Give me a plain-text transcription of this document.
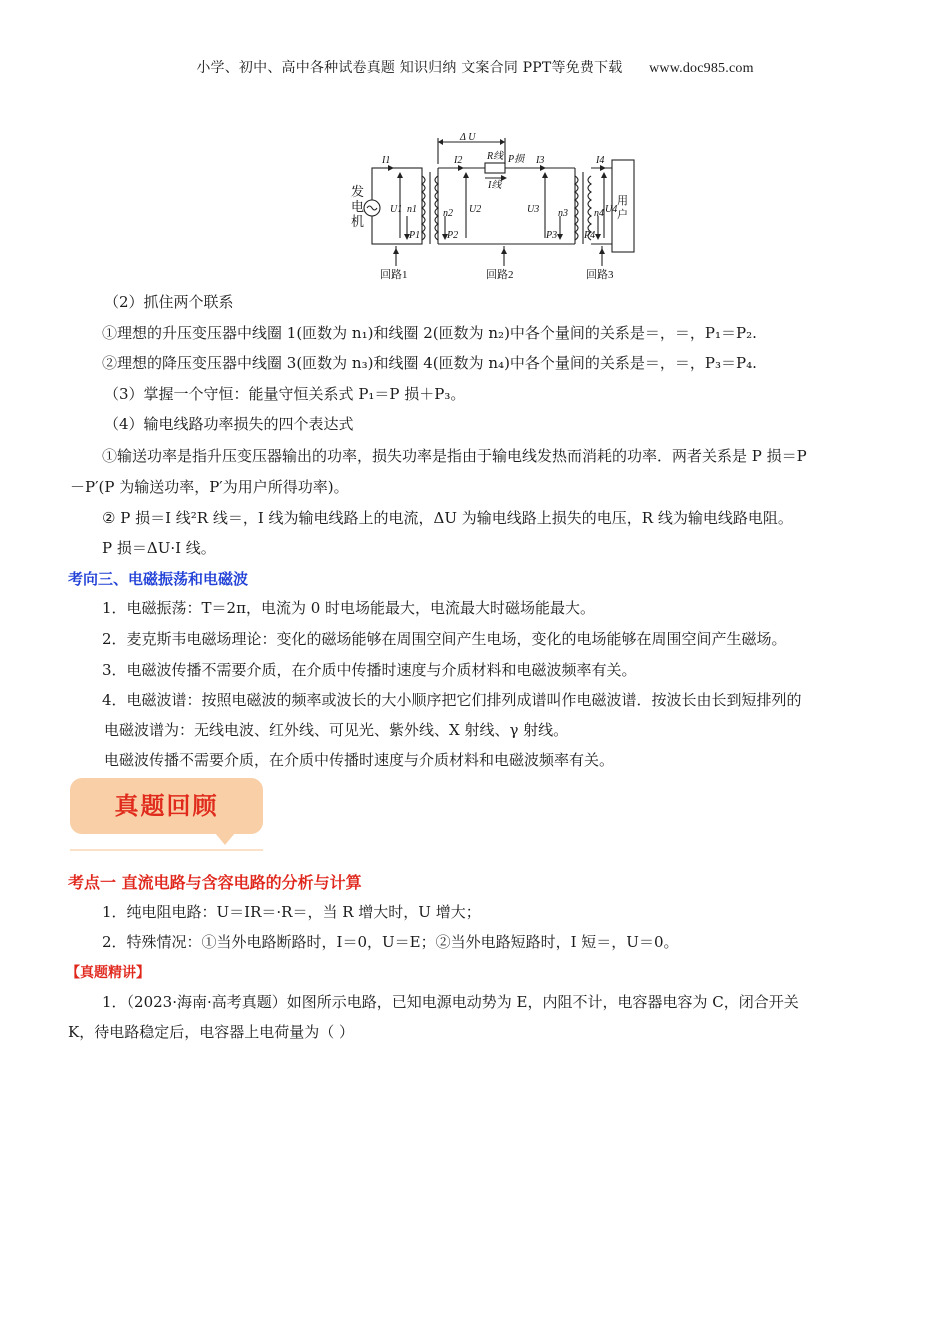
小学、初中、高中各种试卷真题 知识归纳 文案合同 PPT等免费下载 www.doc985.com
发
电
机
Δ U
R线 P损
I线
I1	I2	I3	I4
U1	U2	U3	U4
n1	n2	n3	n4
P1	P2	P3	P4
用
户
回路1	回路2	回路3
（2）抓住两个联系
①理想的升压变压器中线圈 1(匝数为 n₁)和线圈 2(匝数为 n₂)中各个量间的关系是＝，＝，P₁＝P₂.
②理想的降压变压器中线圈 3(匝数为 n₃)和线圈 4(匝数为 n₄)中各个量间的关系是＝，＝，P₃＝P₄.
（3）掌握一个守恒：能量守恒关系式 P₁＝P 损＋P₃。
（4）输电线路功率损失的四个表达式
①输送功率是指升压变压器输出的功率，损失功率是指由于输电线发热而消耗的功率．两者关系是 P 损＝P
－P′(P 为输送功率，P′为用户所得功率)。
② P 损＝I 线²R 线＝，I 线为输电线路上的电流，ΔU 为输电线路上损失的电压，R 线为输电线路电阻。
P 损＝ΔU·I 线。
考向三、电磁振荡和电磁波
1．电磁振荡：T＝2π，电流为 0 时电场能最大，电流最大时磁场能最大。
2．麦克斯韦电磁场理论：变化的磁场能够在周围空间产生电场，变化的电场能够在周围空间产生磁场。
3．电磁波传播不需要介质，在介质中传播时速度与介质材料和电磁波频率有关。
4．电磁波谱：按照电磁波的频率或波长的大小顺序把它们排列成谱叫作电磁波谱．按波长由长到短排列的
电磁波谱为：无线电波、红外线、可见光、紫外线、X 射线、γ 射线。
电磁波传播不需要介质，在介质中传播时速度与介质材料和电磁波频率有关。
真题回顾
考点一 直流电路与含容电路的分析与计算
1．纯电阻电路：U＝IR＝·R＝，当 R 增大时，U 增大；
2．特殊情况：①当外电路断路时，I＝0，U＝E；②当外电路短路时，I 短＝，U＝0。
【真题精讲】
1．（2023·海南·高考真题）如图所示电路，已知电源电动势为 E，内阻不计，电容器电容为 C，闭合开关
K，待电路稳定后，电容器上电荷量为（ ）
